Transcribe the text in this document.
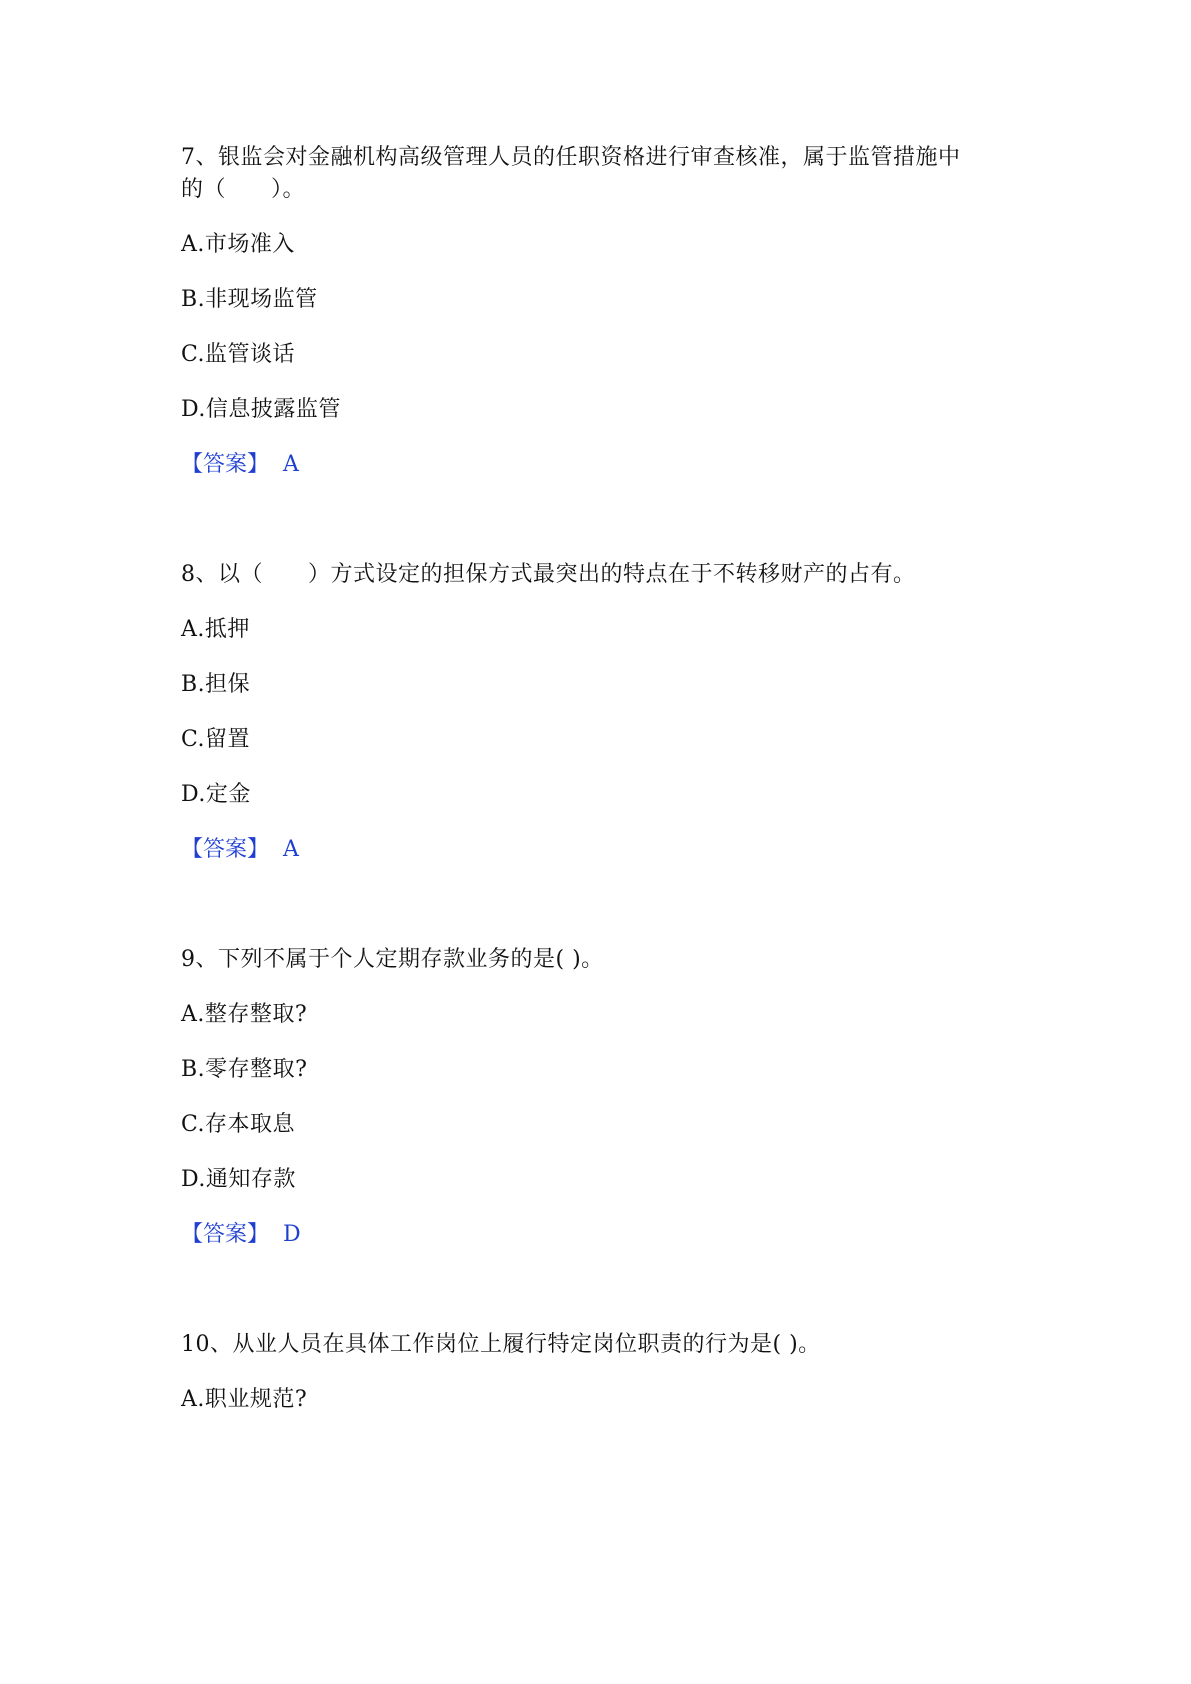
7、银监会对金融机构高级管理人员的任职资格进行审查核准，属于监管措施中
的（　　）。
A.市场准入
B.非现场监管
C.监管谈话
D.信息披露监管
【答案】 A
8、以（　　）方式设定的担保方式最突出的特点在于不转移财产的占有。
A.抵押
B.担保
C.留置
D.定金
【答案】 A
9、下列不属于个人定期存款业务的是( )。
A.整存整取?
B.零存整取?
C.存本取息
D.通知存款
【答案】 D
10、从业人员在具体工作岗位上履行特定岗位职责的行为是( )。
A.职业规范?
